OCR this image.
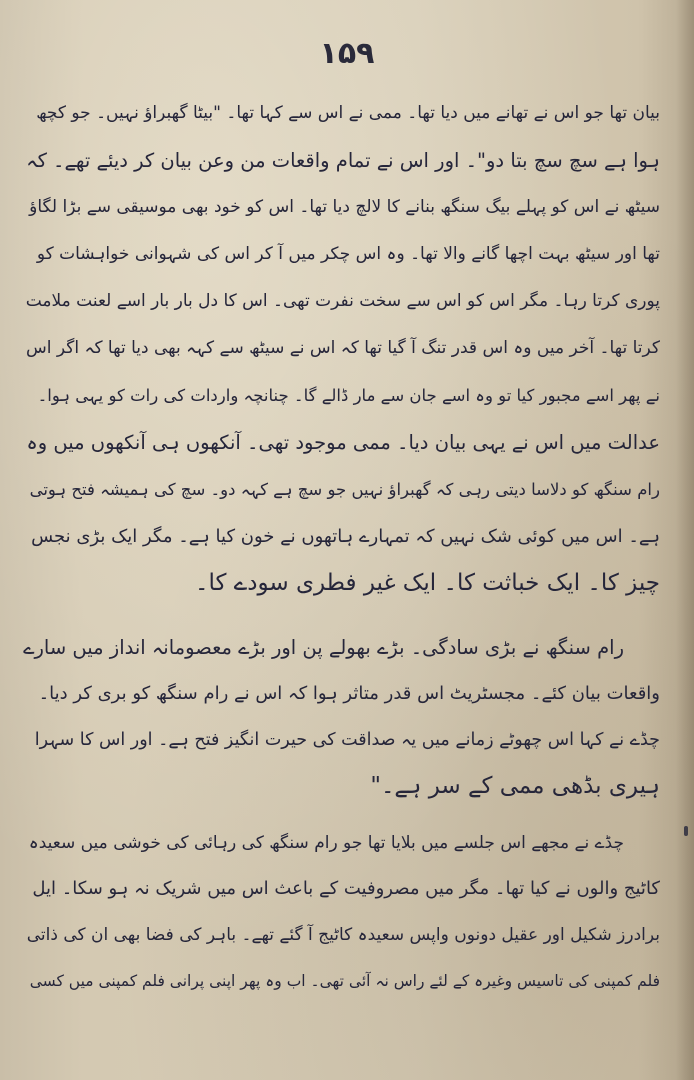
۱۵۹
بیان تھا جو اس نے تھانے میں دیا تھا۔ ممی نے اس سے کہا تھا۔ "بیٹا گھبراؤ نہیں۔ جو کچھ
ہوا ہے سچ سچ بتا دو"۔ اور اس نے تمام واقعات من وعن بیان کر دیئے تھے۔ کہ
سیٹھ نے اس کو پہلے بیگ سنگھ بنانے کا لالچ دیا تھا۔ اس کو خود بھی موسیقی سے بڑا لگاؤ
تھا اور سیٹھ بہت اچھا گانے والا تھا۔ وہ اس چکر میں آ کر اس کی شہوانی خواہشات کو
پوری کرتا رہا۔ مگر اس کو اس سے سخت نفرت تھی۔ اس کا دل بار بار اسے لعنت ملامت
کرتا تھا۔ آخر میں وہ اس قدر تنگ آ گیا تھا کہ اس نے سیٹھ سے کہہ بھی دیا تھا کہ اگر اس
نے پھر اسے مجبور کیا تو وہ اسے جان سے مار ڈالے گا۔ چنانچہ واردات کی رات کو یہی ہوا۔
عدالت میں اس نے یہی بیان دیا۔ ممی موجود تھی۔ آنکھوں ہی آنکھوں میں وہ
رام سنگھ کو دلاسا دیتی رہی کہ گھبراؤ نہیں جو سچ ہے کہہ دو۔ سچ کی ہمیشہ فتح ہوتی
ہے۔ اس میں کوئی شک نہیں کہ تمہارے ہاتھوں نے خون کیا ہے۔ مگر ایک بڑی نجس
چیز کا۔ ایک خباثت کا۔ ایک غیر فطری سودے کا۔
رام سنگھ نے بڑی سادگی۔ بڑے بھولے پن اور بڑے معصومانہ انداز میں سارے
واقعات بیان کئے۔ مجسٹریٹ اس قدر متاثر ہوا کہ اس نے رام سنگھ کو بری کر دیا۔
چڈے نے کہا اس چھوٹے زمانے میں یہ صداقت کی حیرت انگیز فتح ہے۔ اور اس کا سہرا
ہیری بڈھی ممی کے سر ہے۔"
چڈے نے مجھے اس جلسے میں بلایا تھا جو رام سنگھ کی رہائی کی خوشی میں سعیدہ
کاٹیج والوں نے کیا تھا۔ مگر میں مصروفیت کے باعث اس میں شریک نہ ہو سکا۔ ایل
برادرز شکیل اور عقیل دونوں واپس سعیدہ کاٹیج آ گئے تھے۔ باہر کی فضا بھی ان کی ذاتی
فلم کمپنی کی تاسیس وغیرہ کے لئے راس نہ آئی تھی۔ اب وہ پھر اپنی پرانی فلم کمپنی میں کسی
